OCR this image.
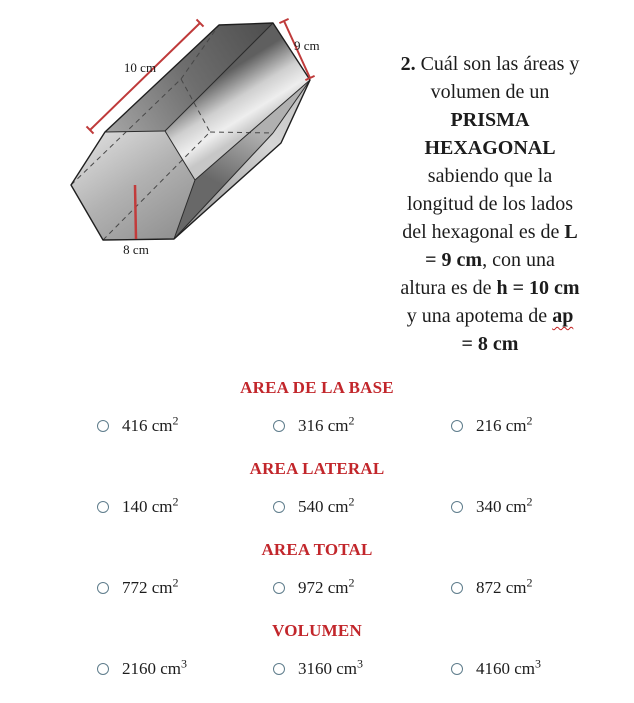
10 cm
9 cm
8 cm
2. Cuál son las áreas y
volumen de un
PRISMA
HEXAGONAL
sabiendo que la
longitud de los lados
del hexagonal es de L
= 9 cm, con una
altura es de h = 10 cm
y una apotema de ap
= 8 cm
AREA DE LA BASE
416 $cm^2$	316 $cm^2$	216 $cm^2$
AREA LATERAL
140 $cm^2$	540 $cm^2$	340 $cm^2$
AREA TOTAL
772 $cm^2$	972 $cm^2$	872 $cm^2$
VOLUMEN
2160 $cm^3$	3160 $cm^3$	4160 $cm^3$
